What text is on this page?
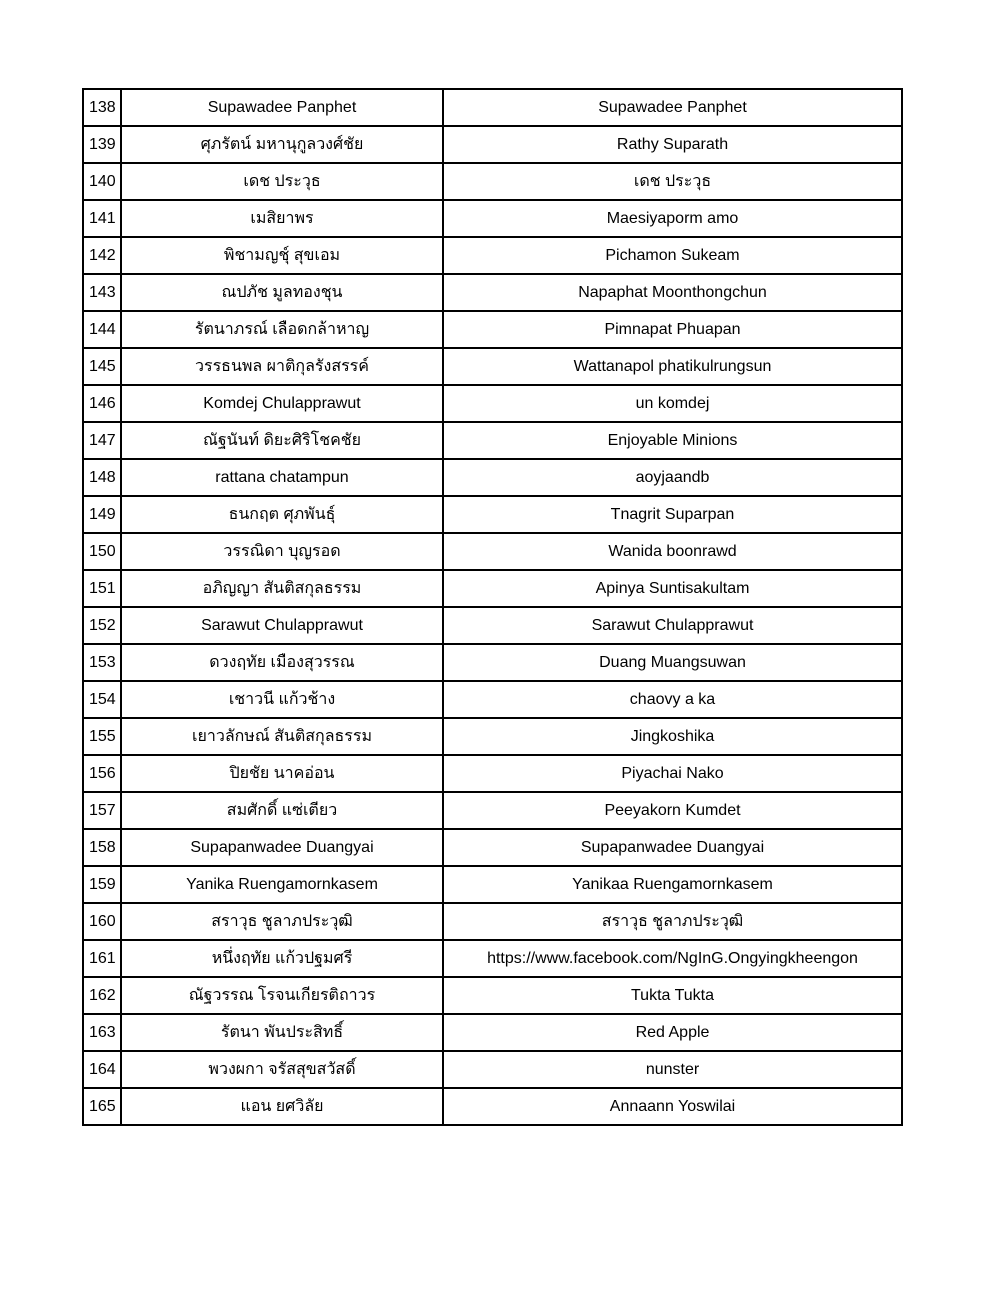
138	Supawadee Panphet	Supawadee Panphet
139	ศุภรัตน์ มหานุกูลวงศ์ชัย	Rathy Suparath
140	เดช ประวุธ	เดช ประวุธ
141	เมสิยาพร	Maesiyaporm amo
142	พิชามญชุ์ สุขเอม	Pichamon Sukeam
143	ณปภัช มูลทองชุน	Napaphat Moonthongchun
144	รัตนาภรณ์ เลือดกล้าหาญ	Pimnapat Phuapan
145	วรรธนพล ผาติกุลรังสรรค์	Wattanapol phatikulrungsun
146	Komdej Chulapprawut	un komdej
147	ณัฐนันท์ ดิยะศิริโชคชัย	Enjoyable Minions
148	rattana chatampun	aoyjaandb
149	ธนกฤต ศุภพันธุ์	Tnagrit Suparpan
150	วรรณิดา บุญรอด	Wanida boonrawd
151	อภิญญา สันติสกุลธรรม	Apinya Suntisakultam
152	Sarawut Chulapprawut	Sarawut Chulapprawut
153	ดวงฤทัย เมืองสุวรรณ	Duang Muangsuwan
154	เชาวนี แก้วช้าง	chaovy a ka
155	เยาวลักษณ์ สันติสกุลธรรม	Jingkoshika
156	ปิยชัย นาคอ่อน	Piyachai Nako
157	สมศักดิ์ แซ่เตียว	Peeyakorn Kumdet
158	Supapanwadee Duangyai	Supapanwadee Duangyai
159	Yanika Ruengamornkasem	Yanikaa Ruengamornkasem
160	สราวุธ ชูลาภประวุฒิ	สราวุธ ชูลาภประวุฒิ
161	หนึ่งฤทัย แก้วปฐมศรี	https://www.facebook.com/NgInG.Ongyingkheengon
162	ณัฐวรรณ โรจนเกียรติถาวร	Tukta Tukta
163	รัตนา พันประสิทธิ์	Red Apple
164	พวงผกา จรัสสุขสวัสดิ์	nunster
165	แอน ยศวิลัย	Annaann Yoswilai
